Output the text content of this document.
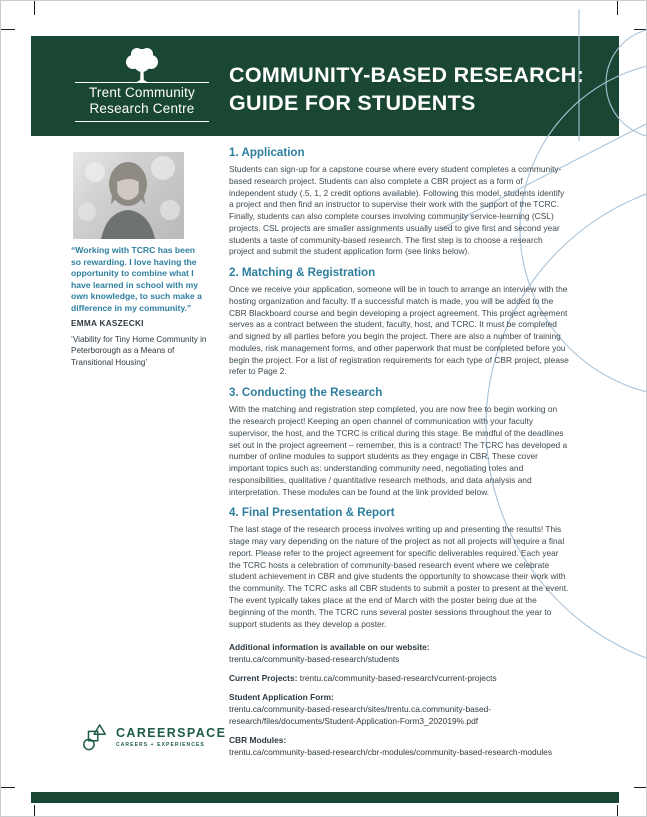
Trent Community
Research Centre
COMMUNITY-BASED RESEARCH:
GUIDE FOR STUDENTS
“Working with TCRC has been so rewarding. I love having the opportunity to combine what I have learned in school with my own knowledge, to such make a difference in my community.”
EMMA KASZECKI
‘Viability for Tiny Home Community in Peterborough as a Means of Transitional Housing’
1. Application

Students can sign-up for a capstone course where every student completes a community-based research project. Students can also complete a CBR project as a form of independent study (.5, 1, 2 credit options available). Following this model, students identify a project and then find an instructor to supervise their work with the support of the TCRC. Finally, students can also complete courses involving community service-learning (CSL) projects. CSL projects are smaller assignments usually used to give first and second year students a taste of community-based research. The first step is to choose a research project and submit the student application form (see links below).

2. Matching & Registration

Once we receive your application, someone will be in touch to arrange an interview with the hosting organization and faculty. If a successful match is made, you will be added to the CBR Blackboard course and begin developing a project agreement. This project agreement serves as a contract between the student, faculty, host, and TCRC. It must be completed and signed by all parties before you begin the project. There are also a number of training modules, risk management forms, and other paperwork that must be completed before you begin the project. For a list of registration requirements for each type of CBR project, please refer to Page 2.

3. Conducting the Research

With the matching and registration step completed, you are now free to begin working on the research project! Keeping an open channel of communication with your faculty supervisor, the host, and the TCRC is critical during this stage. Be mindful of the deadlines set out in the project agreement – remember, this is a contract! The TCRC has developed a number of online modules to support students as they engage in CBR. These cover important topics such as: understanding community need, negotiating roles and responsibilities, qualitative / quantitative research methods, and data analysis and interpretation. These modules can be found at the link provided below.

4. Final Presentation & Report

The last stage of the research process involves writing up and presenting the results! This stage may vary depending on the nature of the project as not all projects will require a final report. Please refer to the project agreement for specific deliverables required. Each year the TCRC hosts a celebration of community-based research event where we celebrate student achievement in CBR and give students the opportunity to showcase their work with the community. The TCRC asks all CBR students to submit a poster to present at the event. The event typically takes place at the end of March with the poster being due at the beginning of the month. The TCRC runs several poster sessions throughout the year to support students as they develop a poster.

Additional information is available on our website:
trentu.ca/community-based-research/students
Current Projects: trentu.ca/community-based-research/current-projects
Student Application Form:
trentu.ca/community-based-research/sites/trentu.ca.community-based-research/files/documents/Student-Application-Form3_202019%.pdf
CBR Modules:
trentu.ca/community-based-research/cbr-modules/community-based-research-modules
CAREERSPACE
CAREERS + EXPERIENCES
